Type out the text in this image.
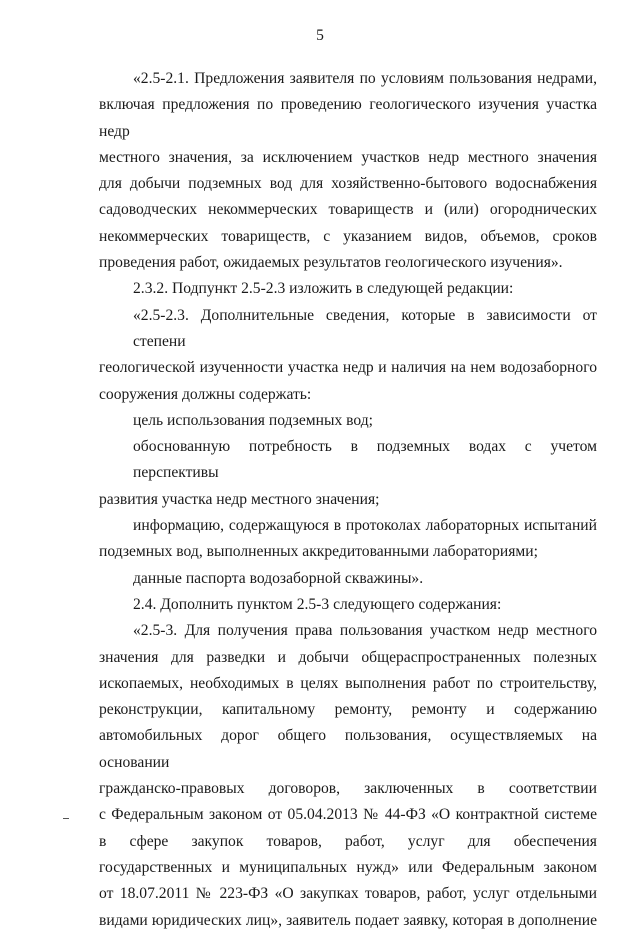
5
«2.5-2.1. Предложения заявителя по условиям пользования недрами,
включая предложения по проведению геологического изучения участка недр
местного значения, за исключением участков недр местного значения
для добычи подземных вод для хозяйственно-бытового водоснабжения
садоводческих некоммерческих товариществ и (или) огороднических
некоммерческих товариществ, с указанием видов, объемов, сроков
проведения работ, ожидаемых результатов геологического изучения».
2.3.2. Подпункт 2.5-2.3 изложить в следующей редакции:
«2.5-2.3. Дополнительные сведения, которые в зависимости от степени
геологической изученности участка недр и наличия на нем водозаборного
сооружения должны содержать:
цель использования подземных вод;
обоснованную потребность в подземных водах с учетом перспективы
развития участка недр местного значения;
информацию, содержащуюся в протоколах лабораторных испытаний
подземных вод, выполненных аккредитованными лабораториями;
данные паспорта водозаборной скважины».
2.4. Дополнить пунктом 2.5-3 следующего содержания:
«2.5-3. Для получения права пользования участком недр местного
значения для разведки и добычи общераспространенных полезных
ископаемых, необходимых в целях выполнения работ по строительству,
реконструкции, капитальному ремонту, ремонту и содержанию
автомобильных дорог общего пользования, осуществляемых на основании
гражданско-правовых договоров, заключенных в соответствии
с Федеральным законом от 05.04.2013 № 44-ФЗ «О контрактной системе
в сфере закупок товаров, работ, услуг для обеспечения
государственных и муниципальных нужд» или Федеральным законом
от 18.07.2011 № 223-ФЗ «О закупках товаров, работ, услуг отдельными
видами юридических лиц», заявитель подает заявку, которая в дополнение
